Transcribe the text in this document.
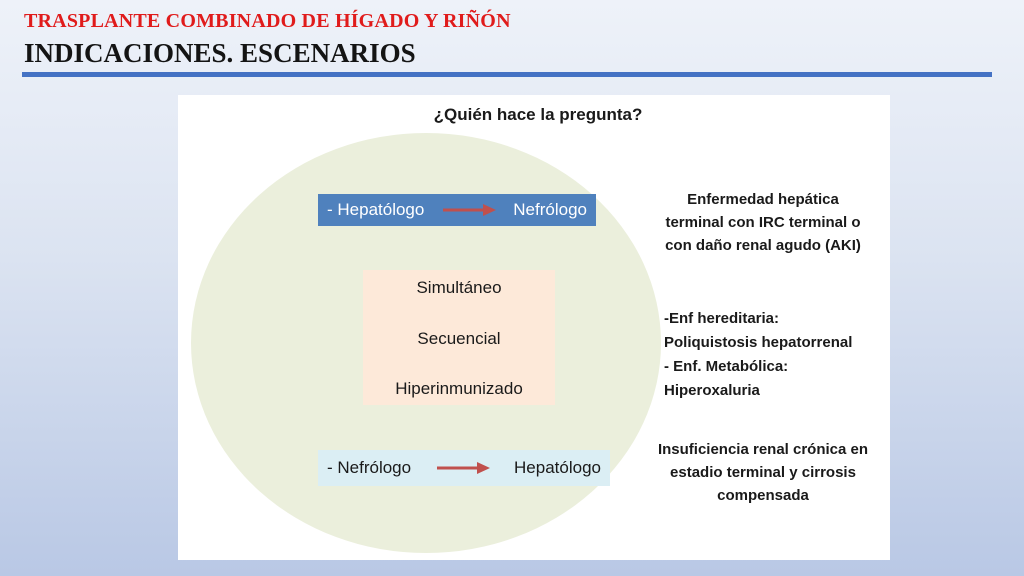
TRASPLANTE COMBINADO DE HÍGADO Y RIÑÓN
INDICACIONES. ESCENARIOS
¿Quién hace la pregunta?
- Hepatólogo	Nefrólogo
Simultáneo
Secuencial
Hiperinmunizado
- Nefrólogo	Hepatólogo
Enfermedad hepática
terminal con IRC terminal o
con daño renal agudo (AKI)
-Enf hereditaria:
Poliquistosis hepatorrenal
- Enf. Metabólica:
Hiperoxaluria
Insuficiencia renal crónica en
estadio terminal y cirrosis
compensada
